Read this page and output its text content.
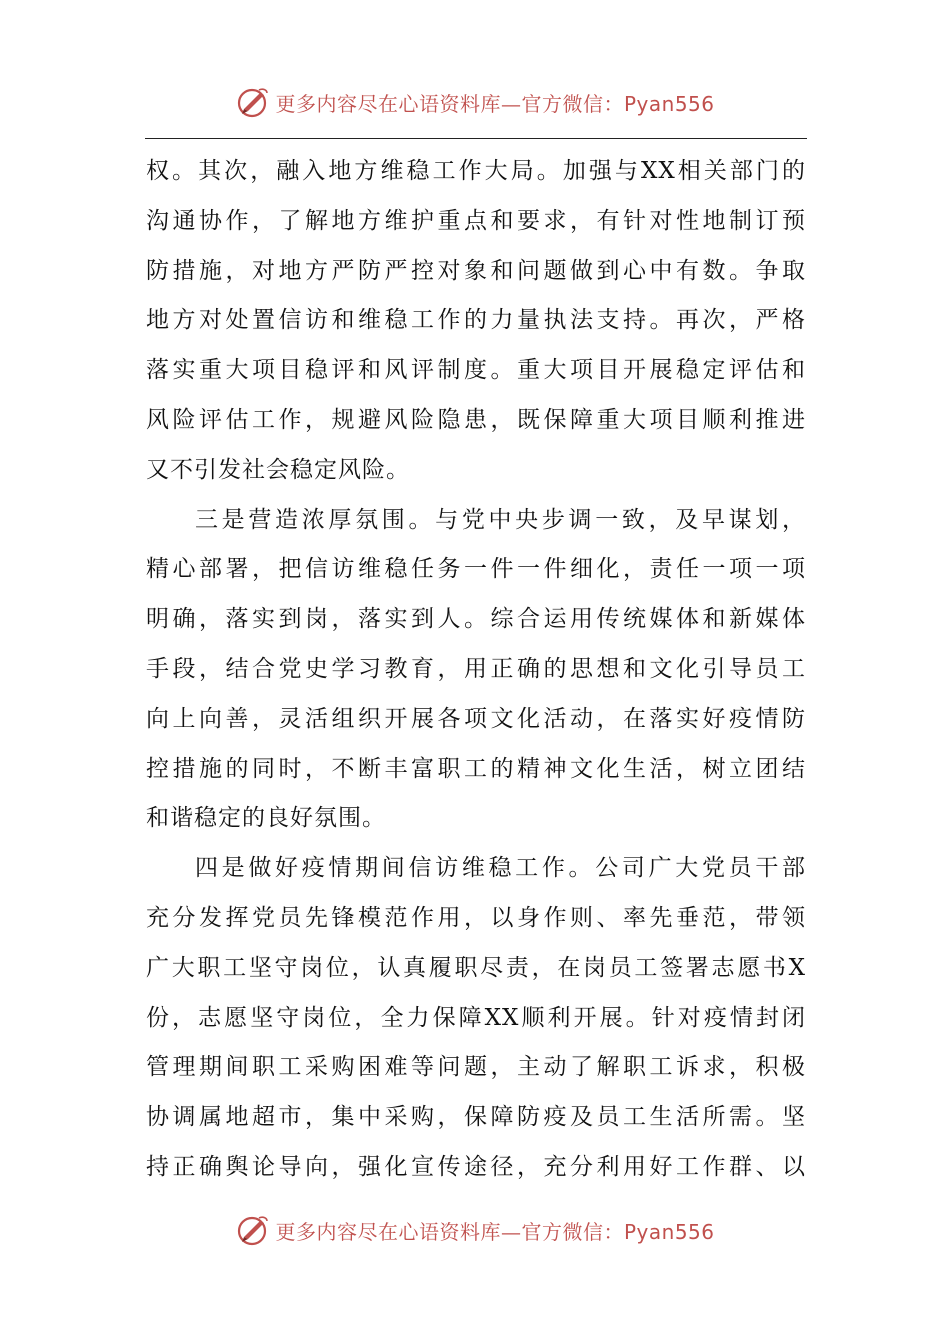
更多内容尽在心语资料库—官方微信：Pyan556
权。其次，融入地方维稳工作大局。加强与XX相关部门的
沟通协作，了解地方维护重点和要求，有针对性地制订预
防措施，对地方严防严控对象和问题做到心中有数。争取
地方对处置信访和维稳工作的力量执法支持。再次，严格
落实重大项目稳评和风评制度。重大项目开展稳定评估和
风险评估工作，规避风险隐患，既保障重大项目顺利推进
又不引发社会稳定风险。
三是营造浓厚氛围。与党中央步调一致，及早谋划，
精心部署，把信访维稳任务一件一件细化，责任一项一项
明确，落实到岗，落实到人。综合运用传统媒体和新媒体
手段，结合党史学习教育，用正确的思想和文化引导员工
向上向善，灵活组织开展各项文化活动，在落实好疫情防
控措施的同时，不断丰富职工的精神文化生活，树立团结
和谐稳定的良好氛围。
四是做好疫情期间信访维稳工作。公司广大党员干部
充分发挥党员先锋模范作用，以身作则、率先垂范，带领
广大职工坚守岗位，认真履职尽责，在岗员工签署志愿书X
份，志愿坚守岗位，全力保障XX顺利开展。针对疫情封闭
管理期间职工采购困难等问题，主动了解职工诉求，积极
协调属地超市，集中采购，保障防疫及员工生活所需。坚
持正确舆论导向，强化宣传途径，充分利用好工作群、以
更多内容尽在心语资料库—官方微信：Pyan556
